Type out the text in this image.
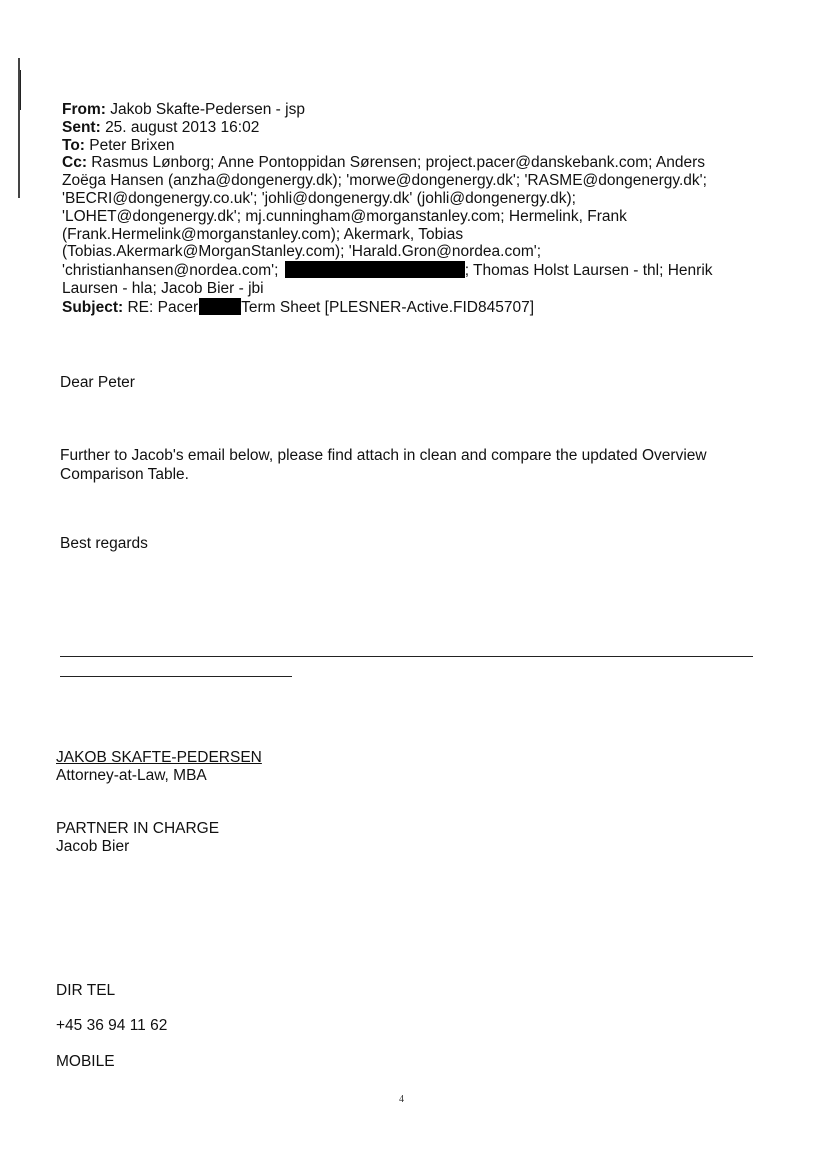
From: Jakob Skafte-Pedersen - jsp
Sent: 25. august 2013 16:02
To: Peter Brixen
Cc: Rasmus Lønborg; Anne Pontoppidan Sørensen; project.pacer@danskebank.com; Anders
Zoëga Hansen (anzha@dongenergy.dk); 'morwe@dongenergy.dk'; 'RASME@dongenergy.dk';
'BECRI@dongenergy.co.uk'; 'johli@dongenergy.dk' (johli@dongenergy.dk);
'LOHET@dongenergy.dk'; mj.cunningham@morganstanley.com; Hermelink, Frank
(Frank.Hermelink@morganstanley.com); Akermark, Tobias
(Tobias.Akermark@MorganStanley.com); 'Harald.Gron@nordea.com';
'christianhansen@nordea.com';	; Thomas Holst Laursen - thl; Henrik
Laursen - hla; Jacob Bier - jbi
Subject: RE: Pacer	Term Sheet [PLESNER-Active.FID845707]
Dear Peter
Further to Jacob's email below, please find attach in clean and compare the updated Overview
Comparison Table.
Best regards
JAKOB SKAFTE-PEDERSEN
Attorney-at-Law, MBA
PARTNER IN CHARGE
Jacob Bier
DIR TEL
+45 36 94 11 62
MOBILE
4
